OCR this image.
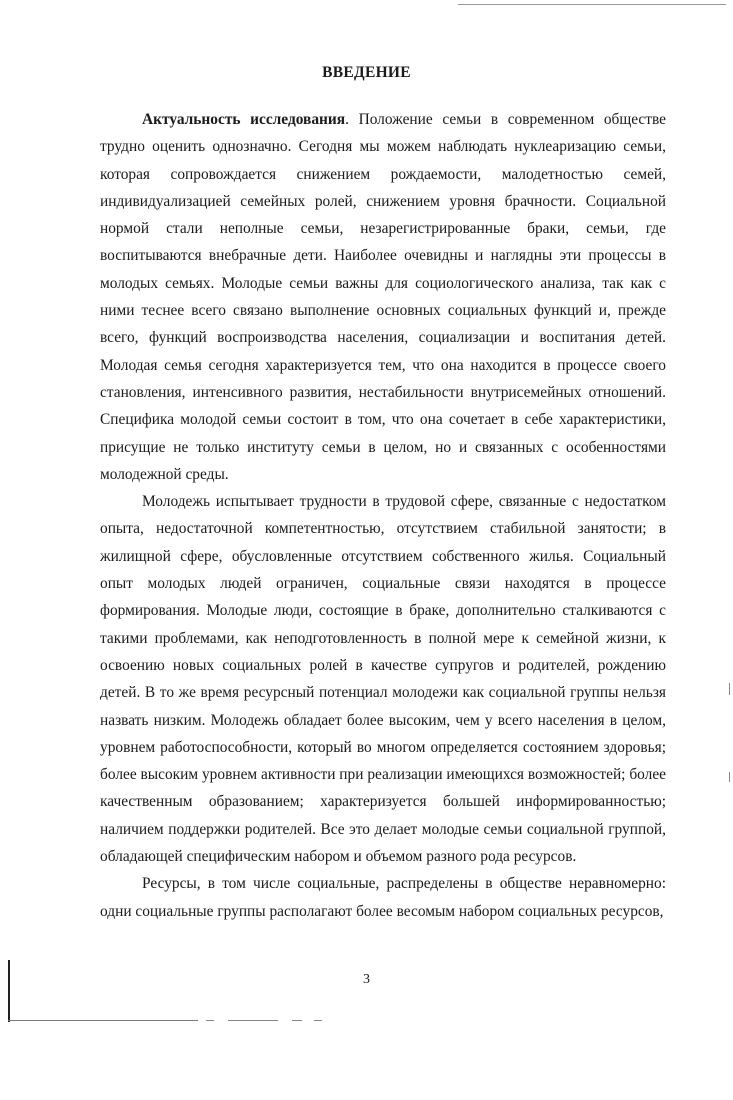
ВВЕДЕНИЕ

Актуальность исследования. Положение семьи в современном обществе трудно оценить однозначно. Сегодня мы можем наблюдать нуклеаризацию семьи, которая сопровождается снижением рождаемости, малодетностью семей, индивидуализацией семейных ролей, снижением уровня брачности. Социальной нормой стали неполные семьи, незарегистрированные браки, семьи, где воспитываются внебрачные дети. Наиболее очевидны и наглядны эти процессы в молодых семьях. Молодые семьи важны для социологического анализа, так как с ними теснее всего связано выполнение основных социальных функций и, прежде всего, функций воспроизводства населения, социализации и воспитания детей. Молодая семья сегодня характеризуется тем, что она находится в процессе своего становления, интенсивного развития, нестабильности внутрисемейных отношений. Специфика молодой семьи состоит в том, что она сочетает в себе характеристики, присущие не только институту семьи в целом, но и связанных с особенностями молодежной среды.

Молодежь испытывает трудности в трудовой сфере, связанные с недостатком опыта, недостаточной компетентностью, отсутствием стабильной занятости; в жилищной сфере, обусловленные отсутствием собственного жилья. Социальный опыт молодых людей ограничен, социальные связи находятся в процессе формирования. Молодые люди, состоящие в браке, дополнительно сталкиваются с такими проблемами, как неподготовленность в полной мере к семейной жизни, к освоению новых социальных ролей в качестве супругов и родителей, рождению детей. В то же время ресурсный потенциал молодежи как социальной группы нельзя назвать низким. Молодежь обладает более высоким, чем у всего населения в целом, уровнем работоспособности, который во многом определяется состоянием здоровья; более высоким уровнем активности при реализации имеющихся возможностей; более качественным образованием; характеризуется большей информированностью; наличием поддержки родителей. Все это делает молодые семьи социальной группой, обладающей специфическим набором и объемом разного рода ресурсов.

Ресурсы, в том числе социальные, распределены в обществе неравномерно: одни социальные группы располагают более весомым набором социальных ресурсов,

3
